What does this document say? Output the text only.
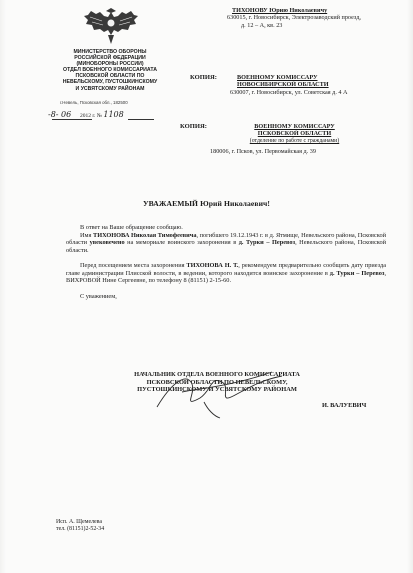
МИНИСТЕРСТВО ОБОРОНЫ
РОССИЙСКОЙ ФЕДЕРАЦИИ
(МИНОБОРОНЫ РОССИИ)
ОТДЕЛ ВОЕННОГО КОМИССАРИАТА
ПСКОВСКОЙ ОБЛАСТИ ПО
НЕВЕЛЬСКОМУ, ПУСТОШКИНСКОМУ
И УСВЯТСКОМУ РАЙОНАМ
г.Невель, Псковская обл., 182500
-8- 06 2012 г. № 1108
ТИХОНОВУ Юрию Николаевичу
630015, г. Новосибирск, Электрозаводский проезд,
д. 12 – А, кв. 23
КОПИЯ:	ВОЕННОМУ КОМИССАРУ
НОВОСИБИРСКОЙ ОБЛАСТИ
630007, г. Новосибирск, ул. Советская д. 4 А
КОПИЯ:	ВОЕННОМУ КОМИССАРУ
ПСКОВСКОЙ ОБЛАСТИ
(отделение по работе с гражданами)
180006, г. Псков, ул. Первомайская д. 39
УВАЖАЕМЫЙ Юрий Николаевич!

В ответ на Ваше обращение сообщаю.

Имя ТИХОНОВА Николая Тимофеевича, погибшего 19.12.1943 г. в д. Ятмище, Невельского района, Псковской области увековечено на мемориале воинского захоронения в д. Турки – Перевоз, Невельского района, Псковской области.

Перед посещением места захоронения ТИХОНОВА Н. Т., рекомендуем предварительно сообщить дату приезда главе администрации Плисской волости, в ведении, которого находится воинское захоронение в д. Турки – Перевоз, ВИХРОВОЙ Нине Сергеевне, по телефону 8 (81151) 2-15-60.

С уважением,

НАЧАЛЬНИК ОТДЕЛА ВОЕННОГО КОМИССАРИАТА
ПСКОВСКОЙ ОБЛАСТИ ПО НЕВЕЛЬСКОМУ,
ПУСТОШКИНСКОМУ И УСВЯТСКОМУ РАЙОНАМ
И. ВАЛУЕВИЧ
Исп. А. Щемелева
тел. (81151)2-52-34
